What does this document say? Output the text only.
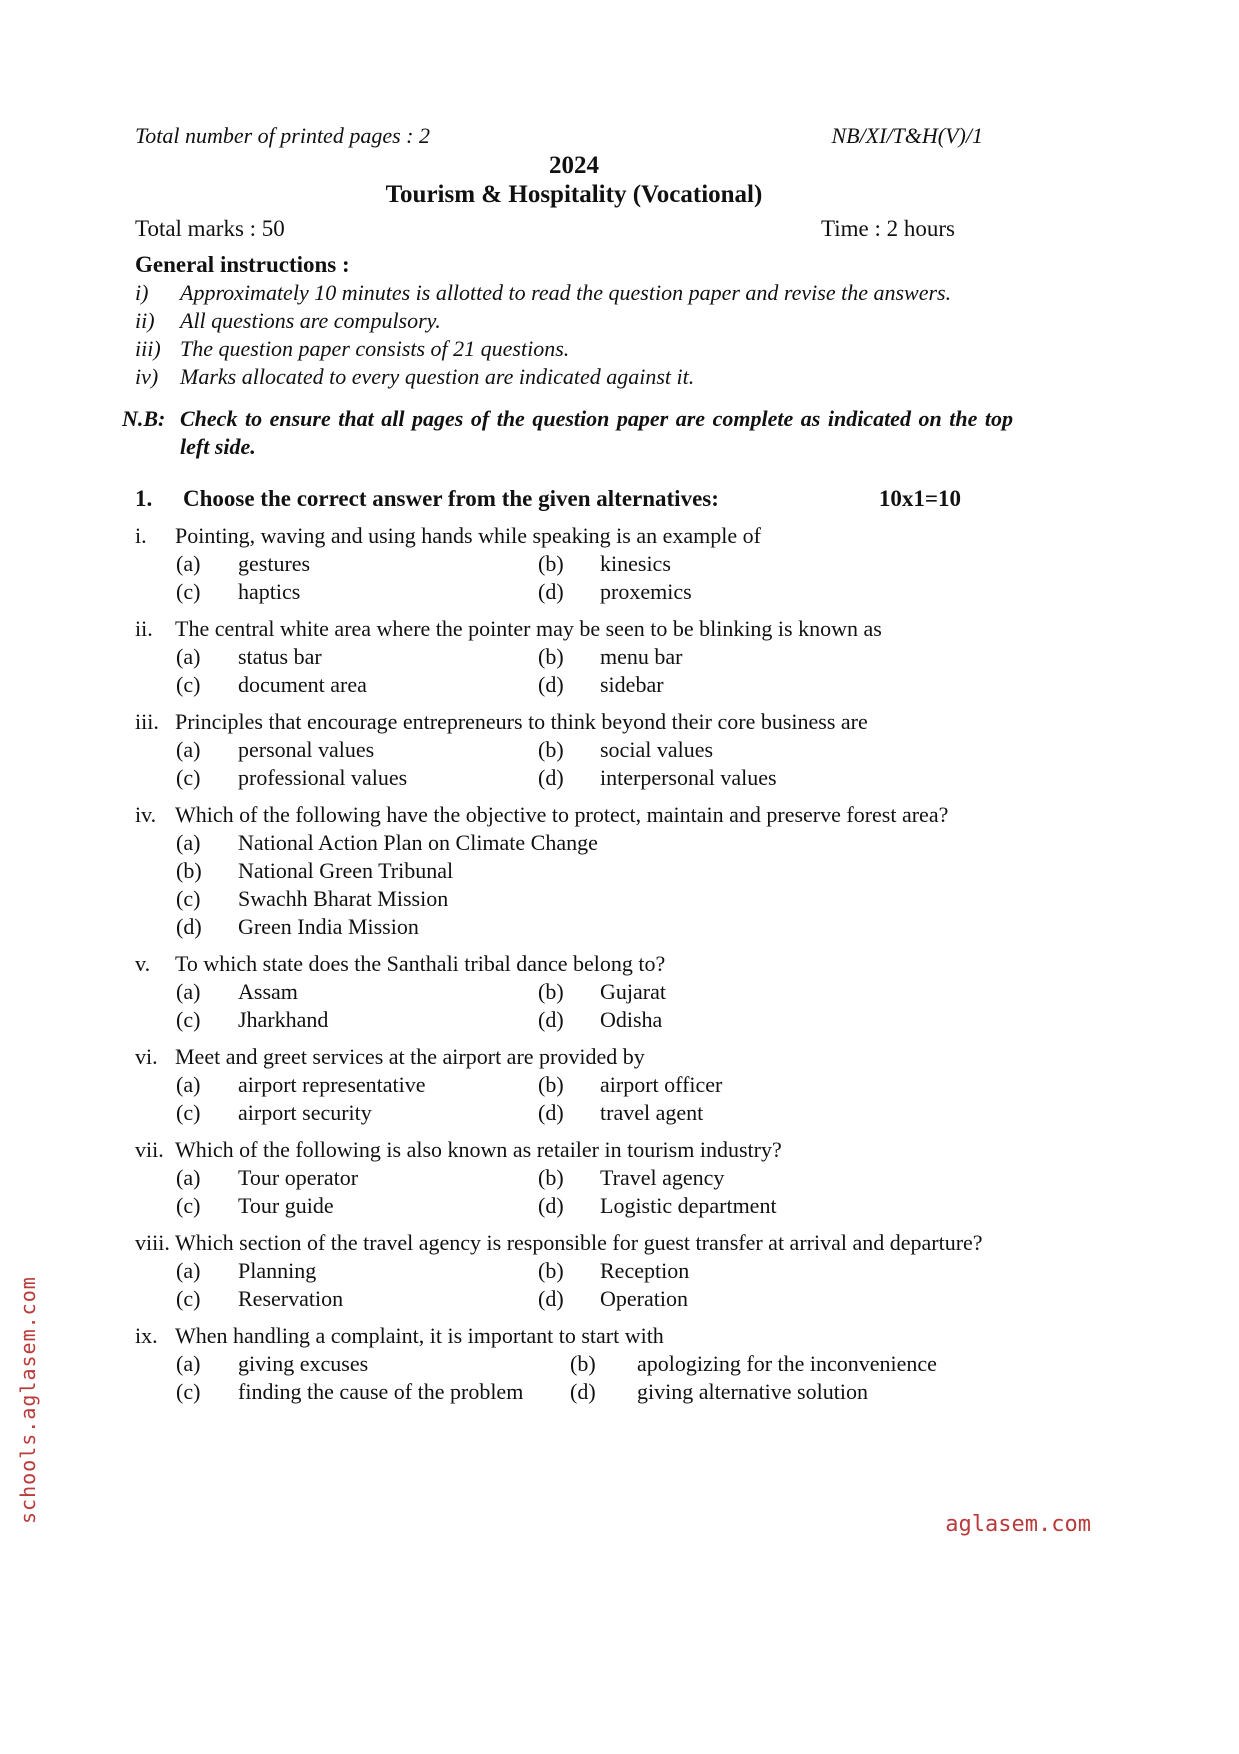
schools.aglasem.com
aglasem.com
Total number of printed pages : 2	NB/XI/T&H(V)/1
2024
Tourism & Hospitality (Vocational)
Total marks : 50	Time : 2 hours
General instructions :
i)	Approximately 10 minutes is allotted to read the question paper and revise the answers.
ii)	All questions are compulsory.
iii) The question paper consists of 21 questions.
iv) Marks allocated to every question are indicated against it.
N.B: Check to ensure that all pages of the question paper are complete as indicated on the top left side.
1.	Choose the correct answer from the given alternatives:	10x1=10
i.	Pointing, waving and using hands while speaking is an example of
(a)	gestures	(b)	kinesics
(c)	haptics	(d)	proxemics
ii.	The central white area where the pointer may be seen to be blinking is known as
(a)	status bar	(b)	menu bar
(c)	document area	(d)	sidebar
iii. Principles that encourage entrepreneurs to think beyond their core business are
(a)	personal values	(b)	social values
(c)	professional values	(d)	interpersonal values
iv. Which of the following have the objective to protect, maintain and preserve forest area?
(a)	National Action Plan on Climate Change
(b)	National Green Tribunal
(c)	Swachh Bharat Mission
(d)	Green India Mission
v.	To which state does the Santhali tribal dance belong to?
(a)	Assam	(b)	Gujarat
(c)	Jharkhand	(d)	Odisha
vi. Meet and greet services at the airport are provided by
(a)	airport representative	(b)	airport officer
(c)	airport security	(d)	travel agent
vii. Which of the following is also known as retailer in tourism industry?
(a)	Tour operator	(b)	Travel agency
(c)	Tour guide	(d)	Logistic department
viii. Which section of the travel agency is responsible for guest transfer at arrival and departure?
(a)	Planning	(b)	Reception
(c)	Reservation	(d)	Operation
ix. When handling a complaint, it is important to start with
(a)	giving excuses	(b)	apologizing for the inconvenience
(c)	finding the cause of the problem	(d)	giving alternative solution
